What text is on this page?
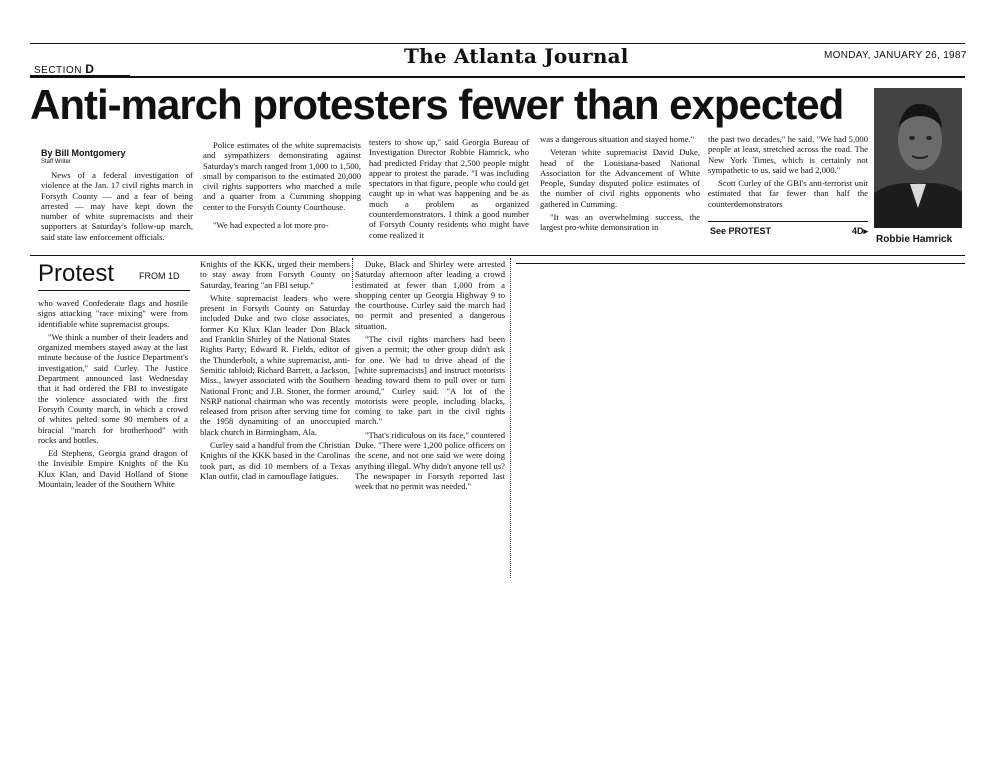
SECTION D
The Atlanta Journal	MONDAY, JANUARY 26, 1987
Anti-march protesters fewer than expected
By Bill Montgomery
Staff Writer

News of a federal investigation of violence at the Jan. 17 civil rights march in Forsyth County — and a fear of being arrested — may have kept down the number of white supremacists and their supporters at Saturday's follow-up march, said state law enforcement officials.

Police estimates of the white supremacists and sympathizers demonstrating against Saturday's march ranged from 1,000 to 1,500, small by comparison to the estimated 20,000 civil rights supporters who marched a mile and a quarter from a Cumming shopping center to the Forsyth County Courthouse.

"We had expected a lot more pro-

testers to show up," said Georgia Bureau of Investigation Director Robbie Hamrick, who had predicted Friday that 2,500 people might appear to protest the parade. "I was including spectators in that figure, people who could get caught up in what was happening and be as much a problem as organized counterdemonstrators. I think a good number of Forsyth County residents who might have come realized it

was a dangerous situation and stayed home."

Veteran white supremacist David Duke, head of the Louisiana-based National Association for the Advancement of White People, Sunday disputed police estimates of the number of civil rights opponents who gathered in Cumming.

"It was an overwhelming success, the largest pro-white demonstration in

the past two decades," he said. "We had 5,000 people at least, stretched across the road. The New York Times, which is certainly not sympathetic to us, said we had 2,000."

Scott Curley of the GBI's anti-terrorist unit estimated that far fewer than half the counterdemonstrators

See PROTEST	4D▸
Robbie Hamrick
Protest	FROM 1D

who waved Confederate flags and hostile signs attacking "race mixing" were from identifiable white supremacist groups.

"We think a number of their leaders and organized members stayed away at the last minute because of the Justice Department's investigation," said Curley. The Justice Department announced last Wednesday that it had ordered the FBI to investigate the violence associated with the first Forsyth County march, in which a crowd of whites pelted some 90 members of a biracial "march for brotherhood" with rocks and bottles.

Ed Stephens, Georgia grand dragon of the Invisible Empire Knights of the Ku Klux Klan, and David Holland of Stone Mountain, leader of the Southern White

Knights of the KKK, urged their members to stay away from Forsyth County on Saturday, fearing "an FBI setup."

White supremacist leaders who were present in Forsyth County on Saturday included Duke and two close associates, former Ku Klux Klan leader Don Black and Franklin Shirley of the National States Rights Party; Edward R. Fields, editor of the Thunderbolt, a white supremacist, anti-Semitic tabloid; Richard Barrett, a Jackson, Miss., lawyer associated with the Southern National Front; and J.B. Stoner, the former NSRP national chairman who was recently released from prison after serving time for the 1958 dynamiting of an unoccupied black church in Birmingham, Ala.

Curley said a handful from the Christian Knights of the KKK based in the Carolinas took part, as did 10 members of a Texas Klan outfit, clad in camouflage fatigues.

Duke, Black and Shirley were arrested Saturday afternoon after leading a crowd estimated at fewer than 1,000 from a shopping center up Georgia Highway 9 to the courthouse. Curley said the march had no permit and presented a dangerous situation.

"The civil rights marchers had been given a permit; the other group didn't ask for one. We had to drive ahead of the [white supremacists] and instruct motorists heading toward them to pull over or turn around," Curley said. "A lot of the motorists were people, including blacks, coming to take part in the civil rights march."

"That's ridiculous on its face," countered Duke. "There were 1,200 police officers on the scene, and not one said we were doing anything illegal. Why didn't anyone tell us? The newspaper in Forsyth reported last week that no permit was needed."
